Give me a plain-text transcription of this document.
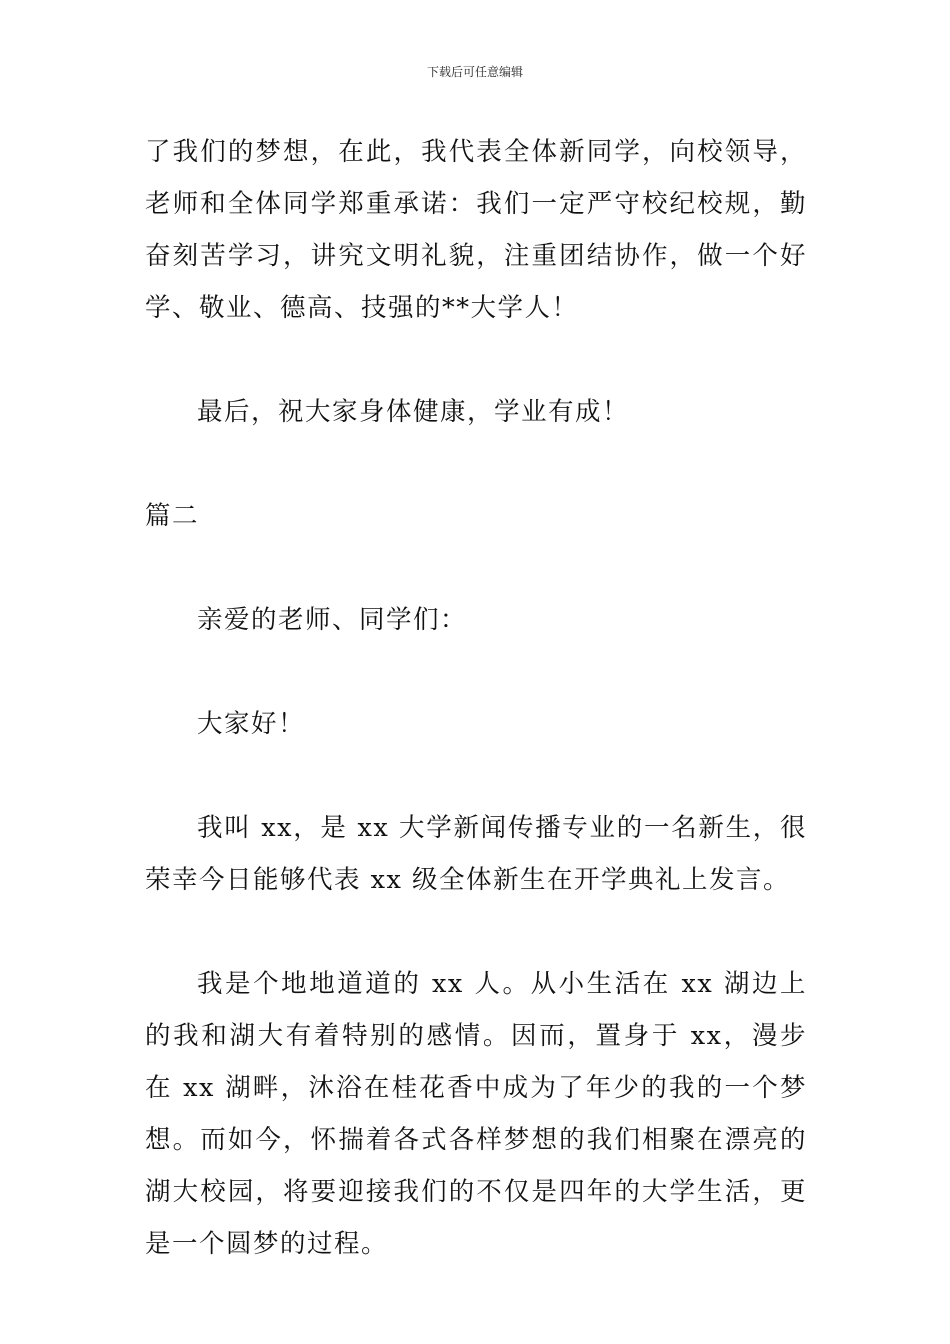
下载后可任意编辑

了我们的梦想，在此，我代表全体新同学，向校领导，老师和全体同学郑重承诺：我们一定严守校纪校规，勤奋刻苦学习，讲究文明礼貌，注重团结协作，做一个好学、敬业、德高、技强的**大学人！

最后，祝大家身体健康，学业有成！

篇二

亲爱的老师、同学们：

大家好！

我叫 xx，是 xx 大学新闻传播专业的一名新生，很荣幸今日能够代表 xx 级全体新生在开学典礼上发言。

我是个地地道道的 xx 人。从小生活在 xx 湖边上的我和湖大有着特别的感情。因而，置身于 xx，漫步在 xx 湖畔，沐浴在桂花香中成为了年少的我的一个梦想。而如今，怀揣着各式各样梦想的我们相聚在漂亮的湖大校园，将要迎接我们的不仅是四年的大学生活，更是一个圆梦的过程。
